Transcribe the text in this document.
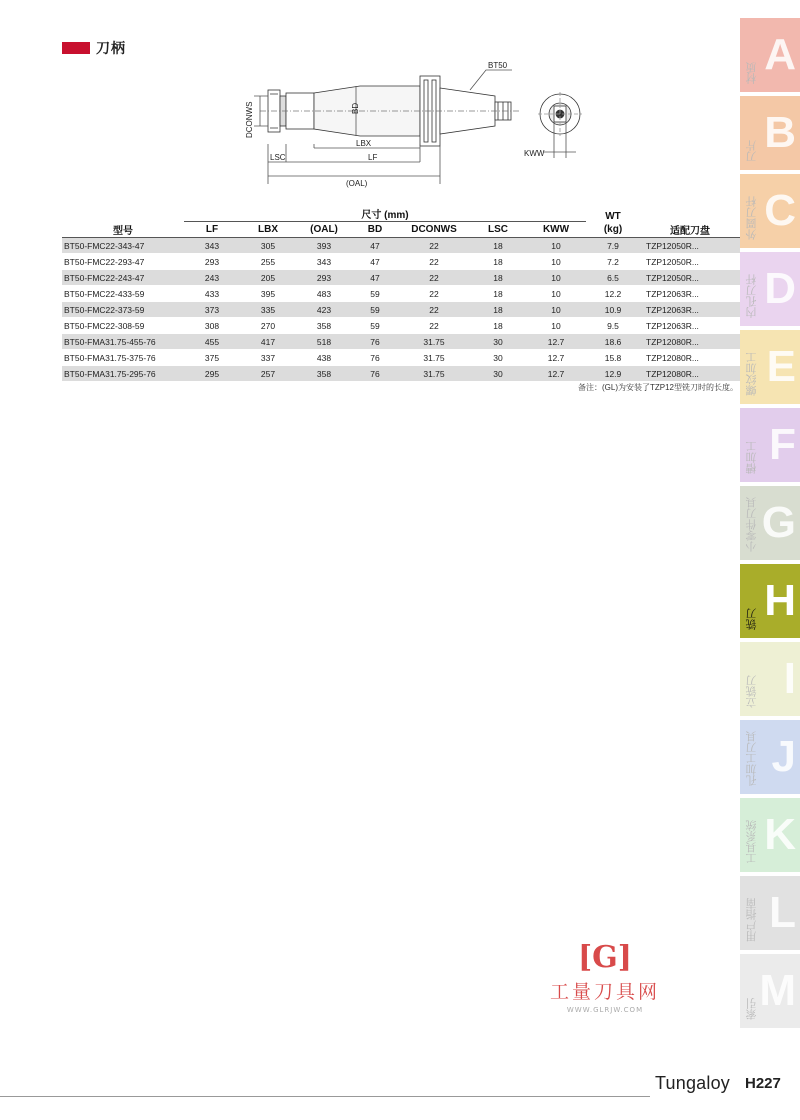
刀柄
BT50
BD
DCONWS
LBX
LSC	LF
(OAL)
KWW
型号	尺寸 (mm)							WT	适配刀盘
	LF	LBX	(OAL)	BD	DCONWS	LSC	KWW	(kg)	
BT50-FMC22-343-47	343	305	393	47	22	18	10	7.9	TZP12050R...
BT50-FMC22-293-47	293	255	343	47	22	18	10	7.2	TZP12050R...
BT50-FMC22-243-47	243	205	293	47	22	18	10	6.5	TZP12050R...
BT50-FMC22-433-59	433	395	483	59	22	18	10	12.2	TZP12063R...
BT50-FMC22-373-59	373	335	423	59	22	18	10	10.9	TZP12063R...
BT50-FMC22-308-59	308	270	358	59	22	18	10	9.5	TZP12063R...
BT50-FMA31.75-455-76	455	417	518	76	31.75	30	12.7	18.6	TZP12080R...
BT50-FMA31.75-375-76	375	337	438	76	31.75	30	12.7	15.8	TZP12080R...
BT50-FMA31.75-295-76	295	257	358	76	31.75	30	12.7	12.9	TZP12080R...
备注：(GL)为安装了TZP12型铣刀时的长度。
A
材质
B
刀片
C
外圆刀杆
D
内孔刀杆
E
螺纹加工
F
槽加工
G
小零件刀具
H
铣刀
I
立铣刀
J
孔加工刀具
K
工具系统
L
用户指南
M
索引
[G]
工量刀具网
WWW.GLRJW.COM
Tungaloy H227
